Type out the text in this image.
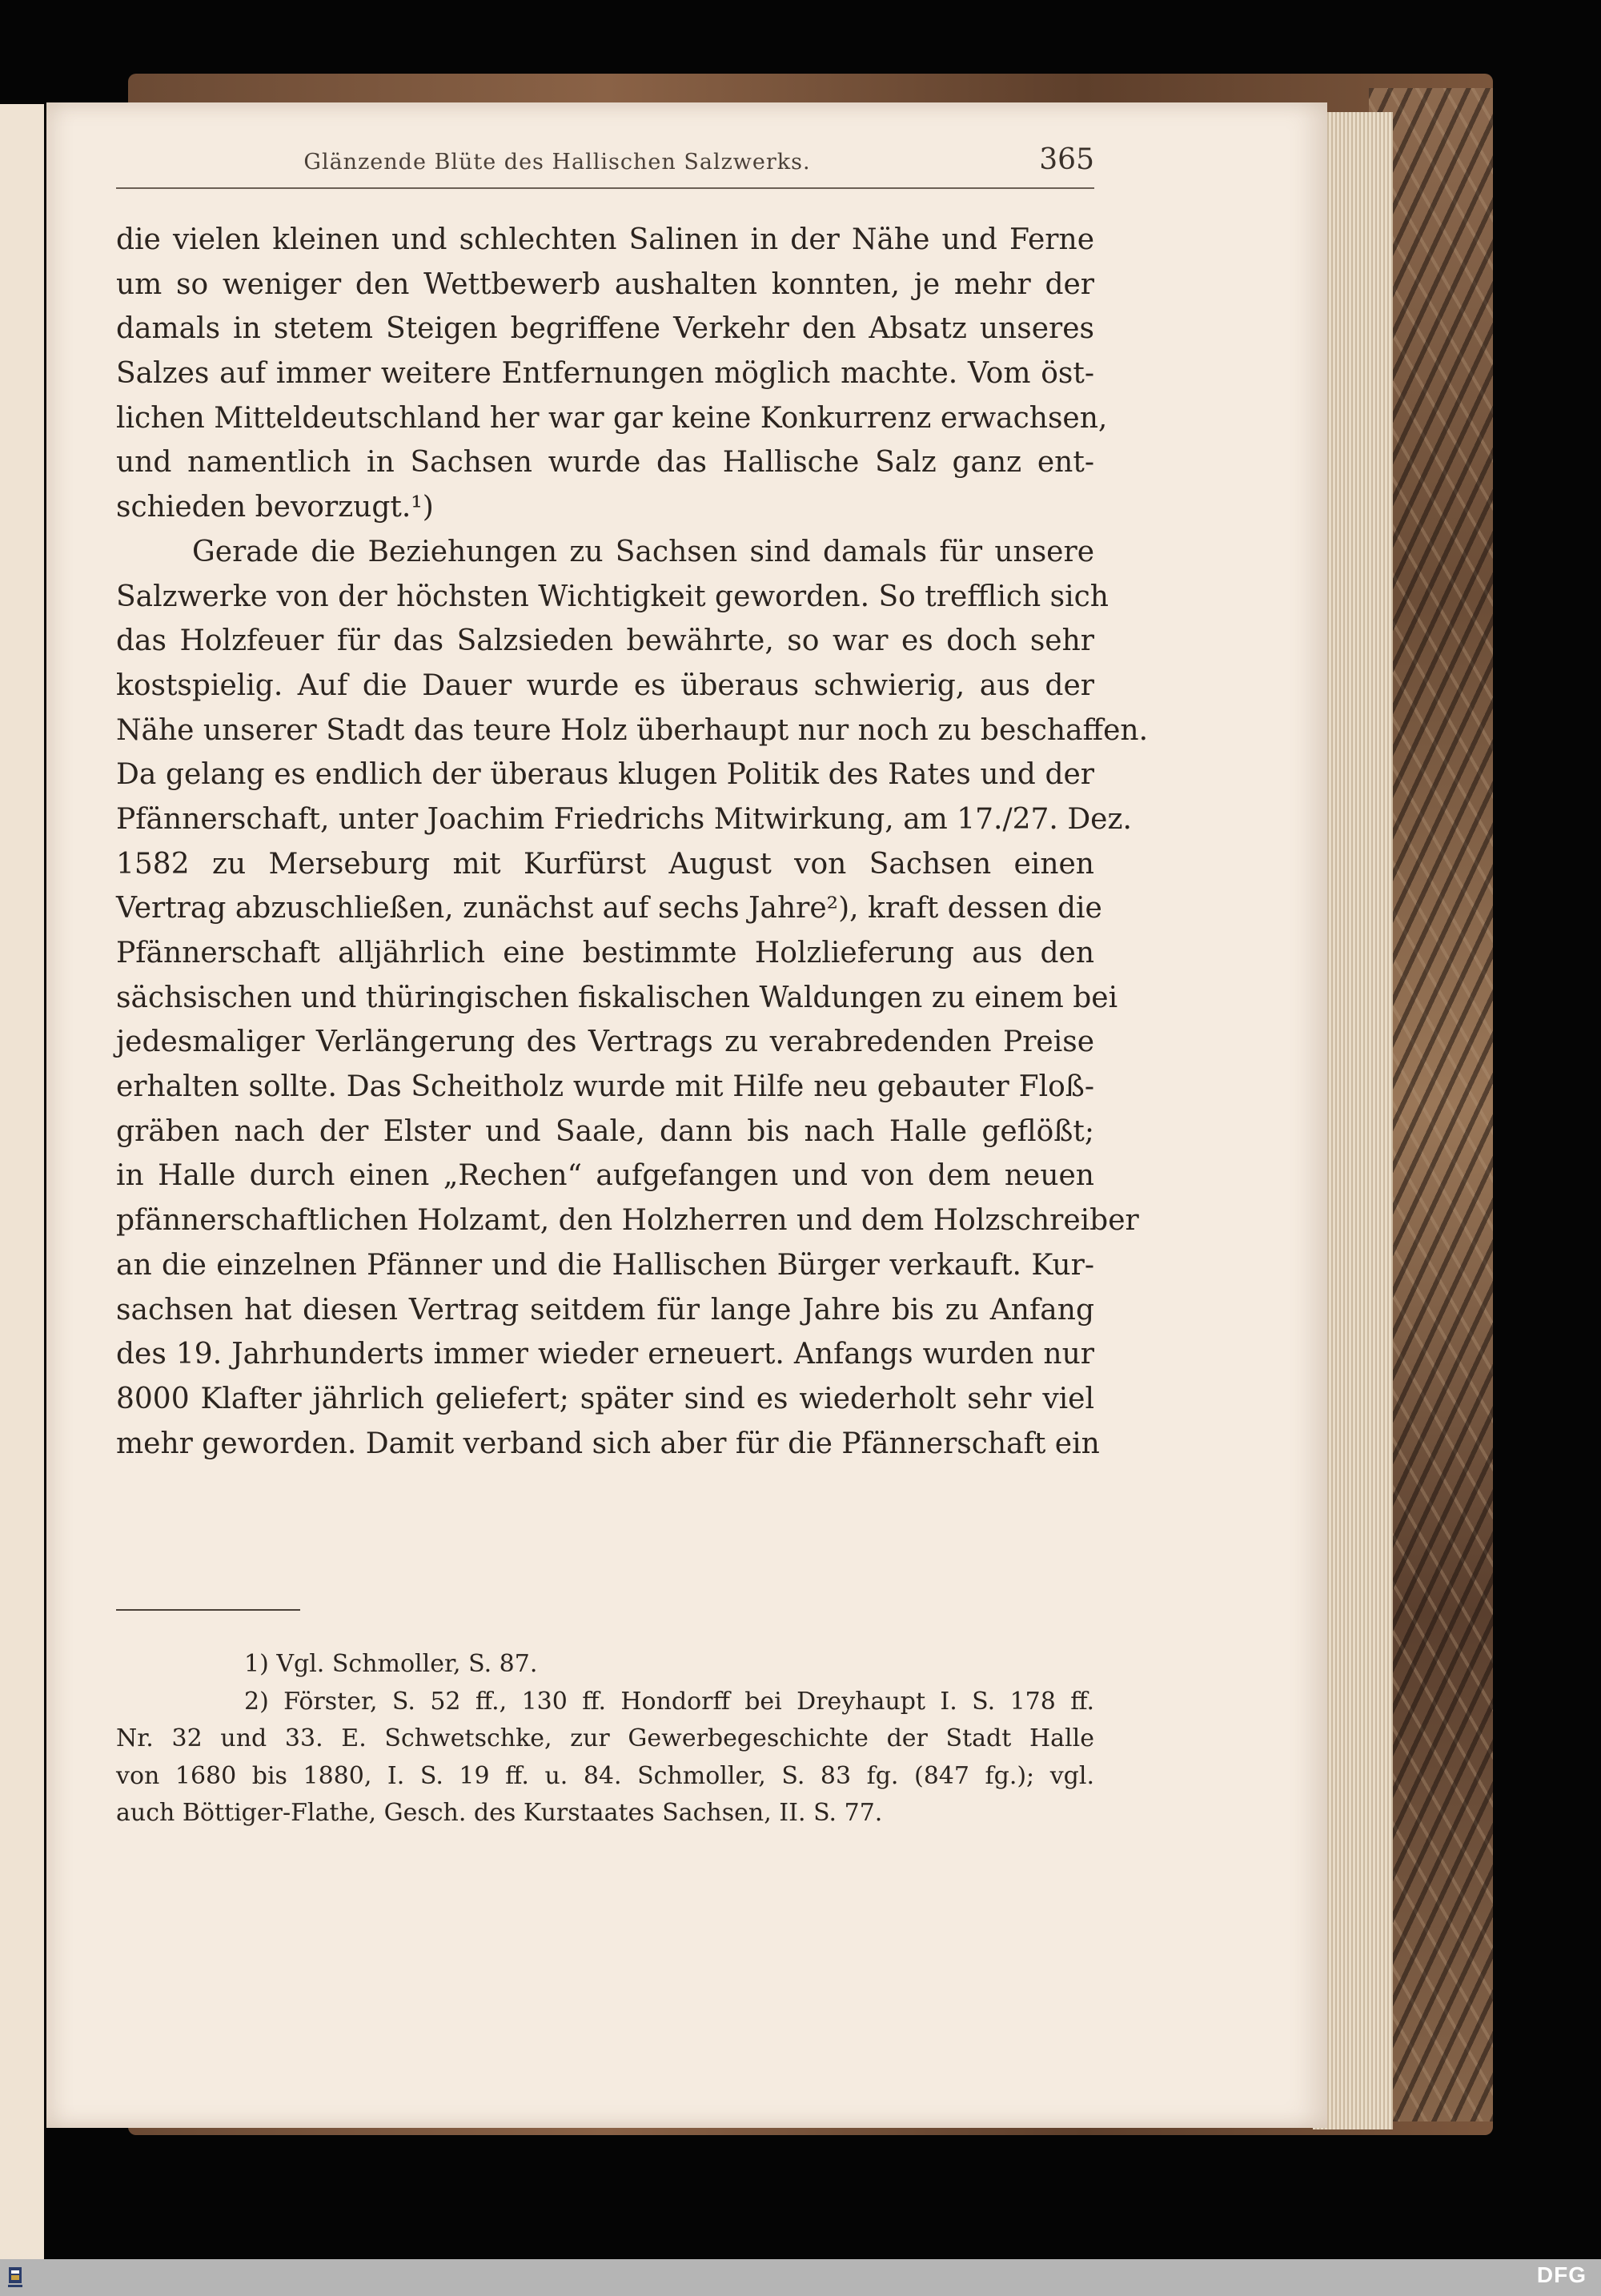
Glänzende Blüte des Hallischen Salzwerks.	365
die vielen kleinen und schlechten Salinen in der Nähe und Ferne
um so weniger den Wettbewerb aushalten konnten, je mehr der
damals in stetem Steigen begriffene Verkehr den Absatz unseres
Salzes auf immer weitere Entfernungen möglich machte. Vom öst-
lichen Mitteldeutschland her war gar keine Konkurrenz erwachsen,
und namentlich in Sachsen wurde das Hallische Salz ganz ent-
schieden bevorzugt.¹)
Gerade die Beziehungen zu Sachsen sind damals für unsere
Salzwerke von der höchsten Wichtigkeit geworden. So trefflich sich
das Holzfeuer für das Salzsieden bewährte, so war es doch sehr
kostspielig. Auf die Dauer wurde es überaus schwierig, aus der
Nähe unserer Stadt das teure Holz überhaupt nur noch zu beschaffen.
Da gelang es endlich der überaus klugen Politik des Rates und der
Pfännerschaft, unter Joachim Friedrichs Mitwirkung, am 17./27. Dez.
1582 zu Merseburg mit Kurfürst August von Sachsen einen
Vertrag abzuschließen, zunächst auf sechs Jahre²), kraft dessen die
Pfännerschaft alljährlich eine bestimmte Holzlieferung aus den
sächsischen und thüringischen fiskalischen Waldungen zu einem bei
jedesmaliger Verlängerung des Vertrags zu verabredenden Preise
erhalten sollte. Das Scheitholz wurde mit Hilfe neu gebauter Floß-
gräben nach der Elster und Saale, dann bis nach Halle geflößt;
in Halle durch einen „Rechen“ aufgefangen und von dem neuen
pfännerschaftlichen Holzamt, den Holzherren und dem Holzschreiber
an die einzelnen Pfänner und die Hallischen Bürger verkauft. Kur-
sachsen hat diesen Vertrag seitdem für lange Jahre bis zu Anfang
des 19. Jahrhunderts immer wieder erneuert. Anfangs wurden nur
8000 Klafter jährlich geliefert; später sind es wiederholt sehr viel
mehr geworden. Damit verband sich aber für die Pfännerschaft ein
1) Vgl. Schmoller, S. 87.
2) Förster, S. 52 ff., 130 ff. Hondorff bei Dreyhaupt I. S. 178 ff.
Nr. 32 und 33. E. Schwetschke, zur Gewerbegeschichte der Stadt Halle
von 1680 bis 1880, I. S. 19 ff. u. 84. Schmoller, S. 83 fg. (847 fg.); vgl.
auch Böttiger-Flathe, Gesch. des Kurstaates Sachsen, II. S. 77.
DFG
